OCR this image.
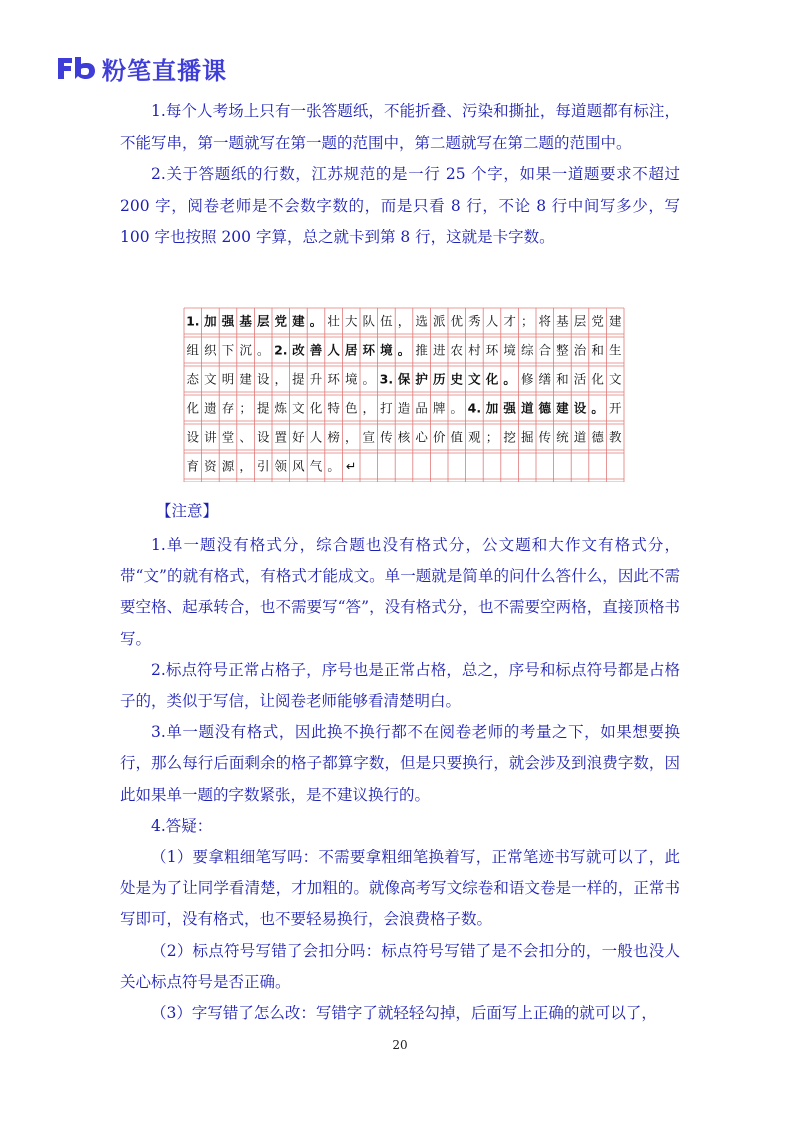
粉笔直播课

1.每个人考场上只有一张答题纸，不能折叠、污染和撕扯，每道题都有标注，不能写串，第一题就写在第一题的范围中，第二题就写在第二题的范围中。

2.关于答题纸的行数，江苏规范的是一行 25 个字，如果一道题要求不超过 200 字，阅卷老师是不会数字数的，而是只看 8 行，不论 8 行中间写多少，写 100 字也按照 200 字算，总之就卡到第 8 行，这就是卡字数。

1. 加 强 基 层 党 建 。 壮 大 队 伍 ， 选 派 优 秀 人 才 ； 将 基 层 党 建
组 织 下 沉 。 2. 改 善 人 居 环 境 。 推 进 农 村 环 境 综 合 整 治 和 生
态 文 明 建 设 ， 提 升 环 境 。 3. 保 护 历 史 文 化 。 修 缮 和 活 化 文
化 遗 存 ； 提 炼 文 化 特 色 ， 打 造 品 牌 。 4. 加 强 道 德 建 设 。 开
设 讲 堂 、 设 置 好 人 榜 ， 宣 传 核 心 价 值 观 ； 挖 掘 传 统 道 德 教
育 资 源 ， 引 领 风 气 。 ↵

【注意】

1.单一题没有格式分，综合题也没有格式分，公文题和大作文有格式分，带“文”的就有格式，有格式才能成文。单一题就是简单的问什么答什么，因此不需要空格、起承转合，也不需要写“答”，没有格式分，也不需要空两格，直接顶格书写。

2.标点符号正常占格子，序号也是正常占格，总之，序号和标点符号都是占格子的，类似于写信，让阅卷老师能够看清楚明白。

3.单一题没有格式，因此换不换行都不在阅卷老师的考量之下，如果想要换行，那么每行后面剩余的格子都算字数，但是只要换行，就会涉及到浪费字数，因此如果单一题的字数紧张，是不建议换行的。

4.答疑：

（1）要拿粗细笔写吗：不需要拿粗细笔换着写，正常笔迹书写就可以了，此处是为了让同学看清楚，才加粗的。就像高考写文综卷和语文卷是一样的，正常书写即可，没有格式，也不要轻易换行，会浪费格子数。

（2）标点符号写错了会扣分吗：标点符号写错了是不会扣分的，一般也没人关心标点符号是否正确。

（3）字写错了怎么改：写错字了就轻轻勾掉，后面写上正确的就可以了，

20
